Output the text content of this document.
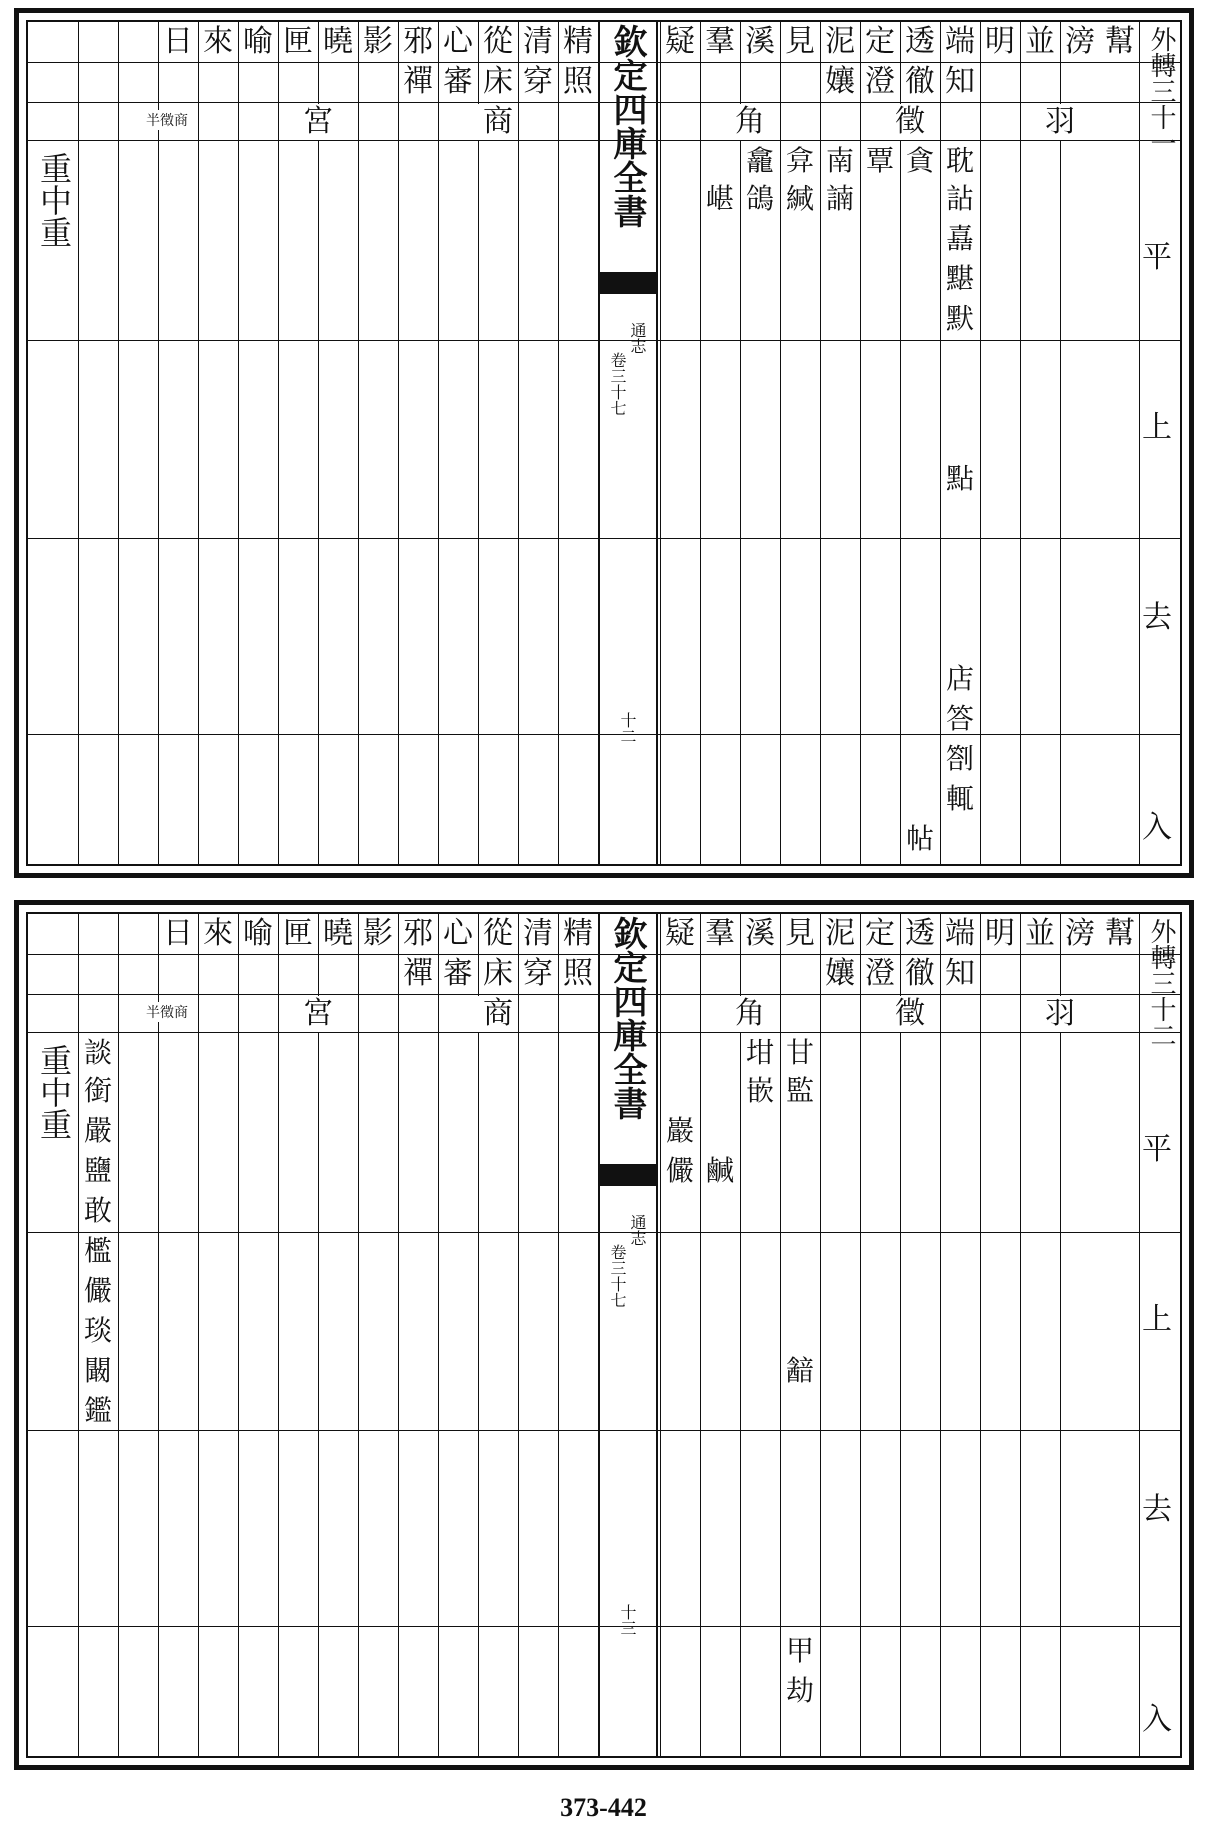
外轉三十一
平
上
去
入
欽定四庫全書
通志
卷三十七
十二
幫
滂
並
明
端
透
定
泥
見
溪
羣
疑
知
徹
澄
孃
精
清
從
心
邪
影
曉
匣
喻
來
日
照
穿
床
審
禪
羽
徵
角
商
宮
半徵商
耽
貪
覃
南
弇
龕
諵
緘
鴿
嵁	詀
嚞
黮
默
點
店
答
劄
輒
帖
重中重
外轉三十二
平
上
去
入
欽定四庫全書
通志
卷三十七
十三
幫
滂
並
明
端
透
定
泥
見
溪
羣
疑
知
徹
澄
孃
精
清
從
心
邪
影
曉
匣
喻
來
日
照
穿
床
審
禪
羽
徵
角
商
宮
半徵商
甘
坩
監
嵌
鹹
巖
儼
韽
甲
劫
談
銜
嚴
鹽
敢
檻
儼
琰
闞
鑑
重中重
373-442
